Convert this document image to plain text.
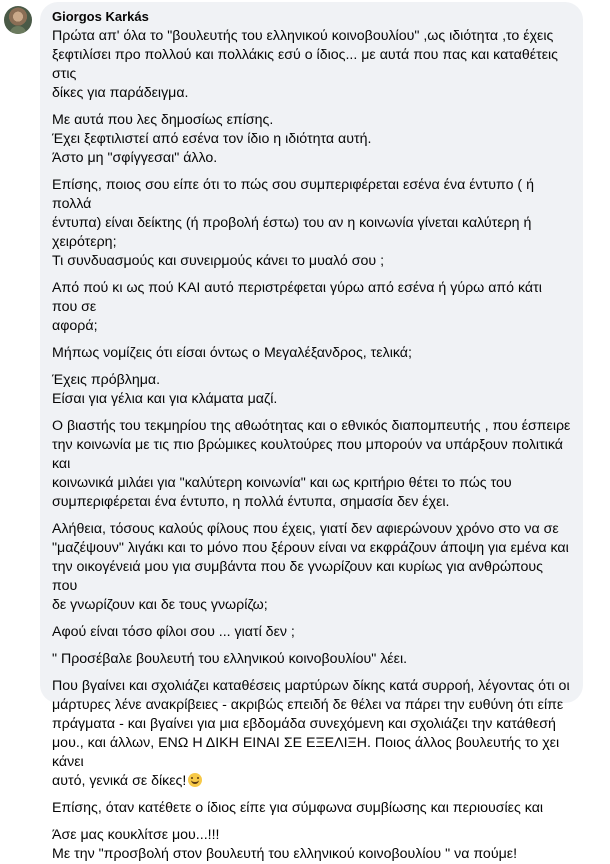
Giorgos Karkás
Πρώτα απ' όλα το "βουλευτής του ελληνικού κοινοβουλίου" ,ως ιδιότητα ,το έχεις
ξεφτιλίσει προ πολλού και πολλάκις εσύ ο ίδιος... με αυτά που πας και καταθέτεις στις
δίκες για παράδειγμα.
Με αυτά που λες δημοσίως επίσης.
Έχει ξεφτιλιστεί από εσένα τον ίδιο η ιδιότητα αυτή.
Άστο μη "σφίγγεσαι" άλλο.
Επίσης, ποιος σου είπε ότι το πώς σου συμπεριφέρεται εσένα ένα έντυπο ( ή πολλά
έντυπα) είναι δείκτης (ή προβολή έστω) του αν η κοινωνία γίνεται καλύτερη ή
χειρότερη;
Τι συνδυασμούς και συνειρμούς κάνει το μυαλό σου ;
Από πού κι ως πού ΚΑΙ αυτό περιστρέφεται γύρω από εσένα ή γύρω από κάτι που σε
αφορά;
Μήπως νομίζεις ότι είσαι όντως ο Μεγαλέξανδρος, τελικά;
Έχεις πρόβλημα.
Είσαι για γέλια και για κλάματα μαζί.
Ο βιαστής του τεκμηρίου της αθωότητας και ο εθνικός διαπομπευτής , που έσπειρε
την κοινωνία με τις πιο βρώμικες κουλτούρες που μπορούν να υπάρξουν πολιτικά και
κοινωνικά μιλάει για "καλύτερη κοινωνία" και ως κριτήριο θέτει το πώς του
συμπεριφέρεται ένα έντυπο, η πολλά έντυπα, σημασία δεν έχει.
Αλήθεια, τόσους καλούς φίλους που έχεις, γιατί δεν αφιερώνουν χρόνο στο να σε
"μαζέψουν" λιγάκι και το μόνο που ξέρουν είναι να εκφράζουν άποψη για εμένα και
την οικογένειά μου για συμβάντα που δε γνωρίζουν και κυρίως για ανθρώπους που
δε γνωρίζουν και δε τους γνωρίζω;
Αφού είναι τόσο φίλοι σου ... γιατί δεν ;
" Προσέβαλε βουλευτή του ελληνικού κοινοβουλίου" λέει.
Που βγαίνει και σχολιάζει καταθέσεις μαρτύρων δίκης κατά συρροή, λέγοντας ότι οι
μάρτυρες λένε ανακρίβειες - ακριβώς επειδή δε θέλει να πάρει την ευθύνη ότι είπε
πράγματα - και βγαίνει για μια εβδομάδα συνεχόμενη και σχολιάζει την κατάθεσή
μου., και άλλων, ΕΝΩ Η ΔΙΚΗ ΕΙΝΑΙ ΣΕ ΕΞΕΛΙΞΗ. Ποιος άλλος βουλευτής το χει κάνει
αυτό, γενικά σε δίκες!
Επίσης, όταν κατέθετε ο ίδιος είπε για σύμφωνα συμβίωσης και περιουσίες και
Άσε μας κουκλίτσε μου...!!!
Με την "προσβολή στον βουλευτή του ελληνικού κοινοβουλίου " να πούμε!
